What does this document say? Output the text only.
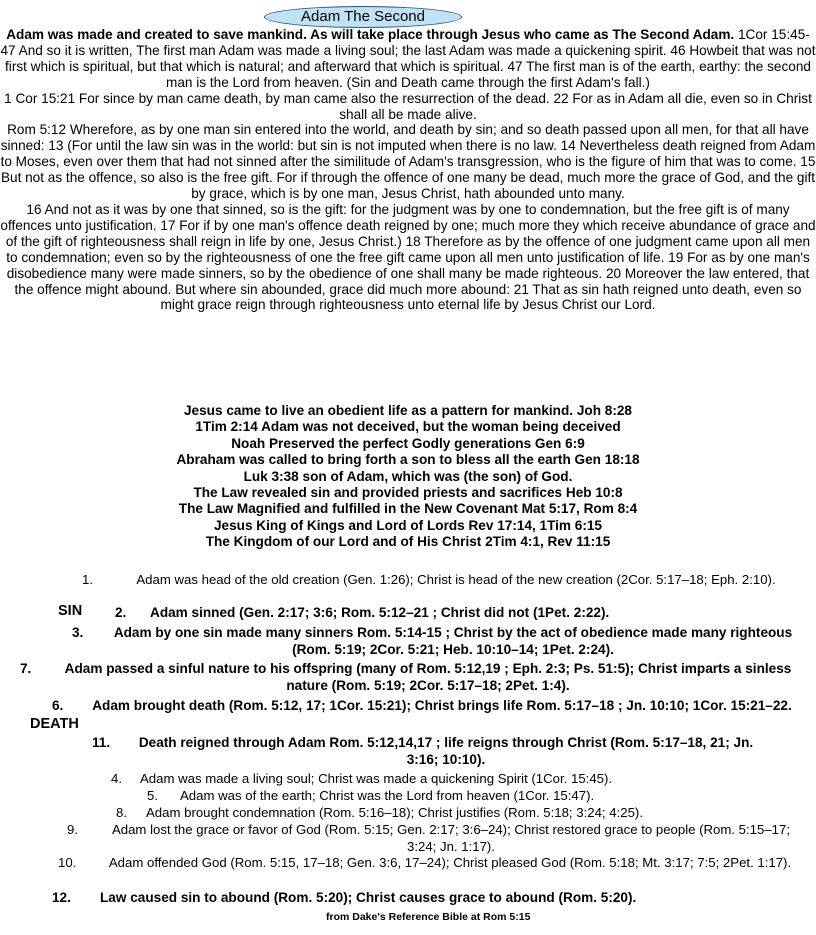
Adam The Second
Adam was made and created to save mankind. As will take place through Jesus who came as The Second Adam. 1Cor 15:45-47 And so it is written, The first man Adam was made a living soul; the last Adam was made a quickening spirit. 46 Howbeit that was not first which is spiritual, but that which is natural; and afterward that which is spiritual. 47 The first man is of the earth, earthy: the second man is the Lord from heaven. (Sin and Death came through the first Adam's fall.)
1 Cor 15:21 For since by man came death, by man came also the resurrection of the dead. 22 For as in Adam all die, even so in Christ shall all be made alive.
Rom 5:12 Wherefore, as by one man sin entered into the world, and death by sin; and so death passed upon all men, for that all have sinned: 13 (For until the law sin was in the world: but sin is not imputed when there is no law. 14 Nevertheless death reigned from Adam to Moses, even over them that had not sinned after the similitude of Adam's transgression, who is the figure of him that was to come. 15 But not as the offence, so also is the free gift. For if through the offence of one many be dead, much more the grace of God, and the gift by grace, which is by one man, Jesus Christ, hath abounded unto many.
16 And not as it was by one that sinned, so is the gift: for the judgment was by one to condemnation, but the free gift is of many offences unto justification. 17 For if by one man's offence death reigned by one; much more they which receive abundance of grace and of the gift of righteousness shall reign in life by one, Jesus Christ.) 18 Therefore as by the offence of one judgment came upon all men to condemnation; even so by the righteousness of one the free gift came upon all men unto justification of life. 19 For as by one man's disobedience many were made sinners, so by the obedience of one shall many be made righteous. 20 Moreover the law entered, that the offence might abound. But where sin abounded, grace did much more abound: 21 That as sin hath reigned unto death, even so might grace reign through righteousness unto eternal life by Jesus Christ our Lord.
Jesus came to live an obedient life as a pattern for mankind. Joh 8:28
1Tim 2:14 Adam was not deceived, but the woman being deceived
Noah Preserved the perfect Godly generations Gen 6:9
Abraham was called to bring forth a son to bless all the earth Gen 18:18
Luk 3:38 son of Adam, which was (the son) of God.
The Law revealed sin and provided priests and sacrifices Heb 10:8
The Law Magnified and fulfilled in the New Covenant Mat 5:17, Rom 8:4
Jesus King of Kings and Lord of Lords Rev 17:14, 1Tim 6:15
The Kingdom of our Lord and of His Christ 2Tim 4:1, Rev 11:15
SIN
DEATH
1.	Adam was head of the old creation (Gen. 1:26); Christ is head of the new creation (2Cor. 5:17–18; Eph. 2:10).
2. Adam sinned (Gen. 2:17; 3:6; Rom. 5:12–21 ; Christ did not (1Pet. 2:22).
3.	Adam by one sin made many sinners Rom. 5:14-15 ; Christ by the act of obedience made many righteous (Rom. 5:19; 2Cor. 5:21; Heb. 10:10–14; 1Pet. 2:24).
7.	Adam passed a sinful nature to his offspring (many of Rom. 5:12,19 ; Eph. 2:3; Ps. 51:5); Christ imparts a sinless nature (Rom. 5:19; 2Cor. 5:17–18; 2Pet. 1:4).
6.	Adam brought death (Rom. 5:12, 17; 1Cor. 15:21); Christ brings life Rom. 5:17–18 ; Jn. 10:10; 1Cor. 15:21–22.
11.	Death reigned through Adam Rom. 5:12,14,17 ; life reigns through Christ (Rom. 5:17–18, 21; Jn. 3:16; 10:10).
4. Adam was made a living soul; Christ was made a quickening Spirit (1Cor. 15:45).
5. Adam was of the earth; Christ was the Lord from heaven (1Cor. 15:47).
8. Adam brought condemnation (Rom. 5:16–18); Christ justifies (Rom. 5:18; 3:24; 4:25).
9.	Adam lost the grace or favor of God (Rom. 5:15; Gen. 2:17; 3:6–24); Christ restored grace to people (Rom. 5:15–17; 3:24; Jn. 1:17).
10.	Adam offended God (Rom. 5:15, 17–18; Gen. 3:6, 17–24); Christ pleased God (Rom. 5:18; Mt. 3:17; 7:5; 2Pet. 1:17).
12. Law caused sin to abound (Rom. 5:20); Christ causes grace to abound (Rom. 5:20).
from Dake's Reference Bible at Rom 5:15
